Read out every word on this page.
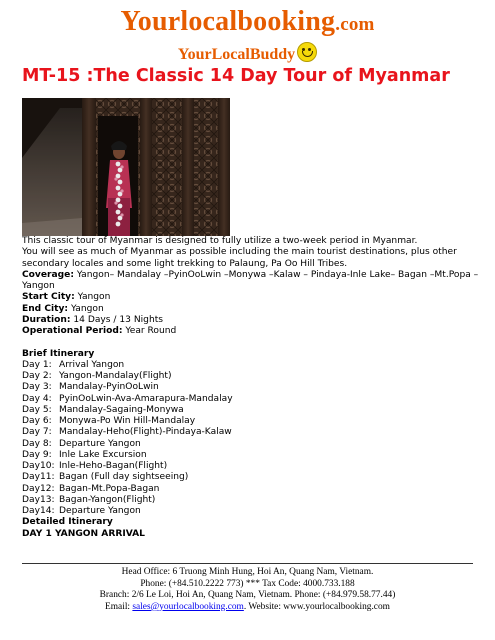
Yourlocalbooking.com
YourLocalBuddy
MT-15 :The Classic 14 Day Tour of Myanmar

This classic tour of Myanmar is designed to fully utilize a two-week period in Myanmar.

You will see as much of Myanmar as possible including the main tourist destinations, plus other secondary locales and some light trekking to Palaung, Pa Oo Hill Tribes.

Coverage: Yangon– Mandalay –PyinOoLwin –Monywa –Kalaw – Pindaya-Inle Lake– Bagan –Mt.Popa – Yangon

Start City: Yangon

End City: Yangon

Duration: 14 Days / 13 Nights

Operational Period: Year Round

Brief Itinerary

Day 1: Arrival Yangon
Day 2: Yangon-Mandalay(Flight)
Day 3: Mandalay-PyinOoLwin
Day 4: PyinOoLwin-Ava-Amarapura-Mandalay
Day 5: Mandalay-Sagaing-Monywa
Day 6: Monywa-Po Win Hill-Mandalay
Day 7: Mandalay-Heho(Flight)-Pindaya-Kalaw
Day 8: Departure Yangon
Day 9: Inle Lake Excursion
Day10: Inle-Heho-Bagan(Flight)
Day11: Bagan (Full day sightseeing)
Day12: Bagan-Mt.Popa-Bagan
Day13: Bagan-Yangon(Flight)
Day14: Departure Yangon

Detailed Itinerary

DAY 1 YANGON ARRIVAL

Head Office: 6 Truong Minh Hung, Hoi An, Quang Nam, Vietnam.
Phone: (+84.510.2222 773) *** Tax Code: 4000.733.188
Branch: 2/6 Le Loi, Hoi An, Quang Nam, Vietnam. Phone: (+84.979.58.77.44)
Email: sales@yourlocalbooking.com. Website: www.yourlocalbooking.com
